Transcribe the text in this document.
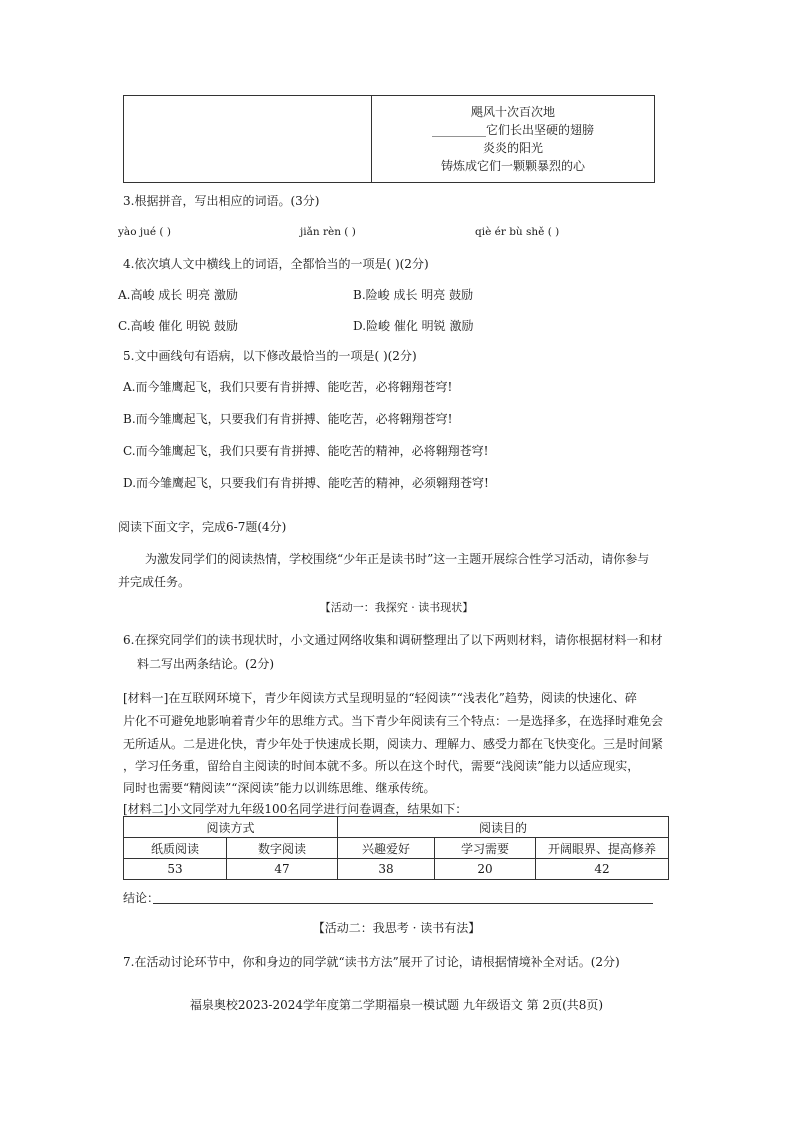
飓风十次百次地
_________它们长出坚硬的翅膀
炎炎的阳光
铸炼成它们一颗颗暴烈的心
3.根据拼音，写出相应的词语。(3分)
yào jué ( )	jiǎn rèn ( )	qiè ér bù shě ( )
4.依次填人文中横线上的词语，全都恰当的一项是( )(2分)
A.高峻 成长 明亮 激励	B.险峻 成长 明亮 鼓励
C.高峻 催化 明锐 鼓励	D.险峻 催化 明锐 激励
5.文中画线句有语病，以下修改最恰当的一项是( )(2分)
A.而今雏鹰起飞，我们只要有肯拼搏、能吃苦，必将翱翔苍穹!
B.而今雏鹰起飞，只要我们有肯拼搏、能吃苦，必将翱翔苍穹!
C.而今雏鹰起飞，我们只要有肯拼搏、能吃苦的精神，必将翱翔苍穹!
D.而今雏鹰起飞，只要我们有肯拼搏、能吃苦的精神，必须翱翔苍穹!
阅读下面文字，完成6-7题(4分)
为激发同学们的阅读热情，学校围绕“少年正是读书时”这一主题开展综合性学习活动，请你参与
并完成任务。
【活动一：我探究 · 读书现状】
6.在探究同学们的读书现状时，小文通过网络收集和调研整理出了以下两则材料，请你根据材料一和材
料二写出两条结论。(2分)
[材料一]在互联网环境下，青少年阅读方式呈现明显的“轻阅读”“浅表化”趋势，阅读的快速化、碎
片化不可避免地影响着青少年的思维方式。当下青少年阅读有三个特点：一是选择多，在选择时难免会
无所适从。二是进化快，青少年处于快速成长期，阅读力、理解力、感受力都在飞快变化。三是时间紧
，学习任务重，留给自主阅读的时间本就不多。所以在这个时代，需要“浅阅读”能力以适应现实，
同时也需要“精阅读”“深阅读”能力以训练思维、继承传统。
[材料二]小文同学对九年级100名同学进行问卷调查，结果如下：
阅读方式		阅读目的		
纸质阅读	数字阅读	兴趣爱好	学习需要	开阔眼界、提高修养
53	47	38	20	42
结论：
【活动二：我思考 · 读书有法】
7.在活动讨论环节中，你和身边的同学就“读书方法”展开了讨论，请根据情境补全对话。(2分)
福泉奥校2023-2024学年度第二学期福泉一模试题 九年级语文 第 2页(共8页)
